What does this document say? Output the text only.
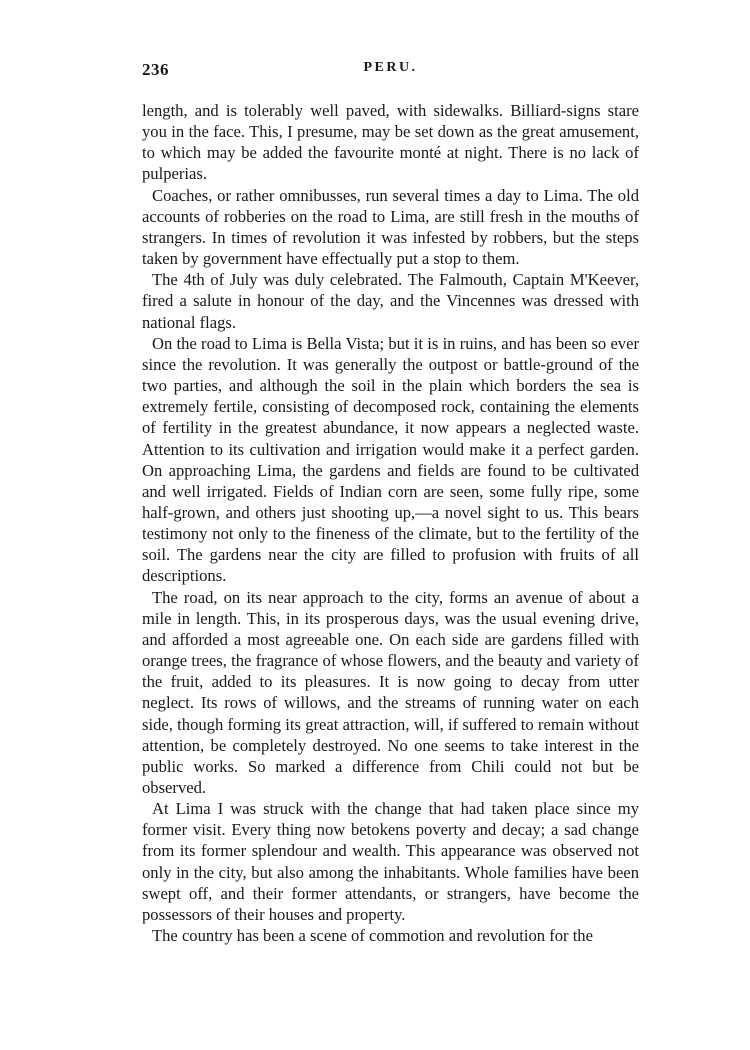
236	PERU.

length, and is tolerably well paved, with sidewalks. Billiard-signs stare you in the face. This, I presume, may be set down as the great amusement, to which may be added the favourite monté at night. There is no lack of pulperias.

Coaches, or rather omnibusses, run several times a day to Lima. The old accounts of robberies on the road to Lima, are still fresh in the mouths of strangers. In times of revolution it was infested by robbers, but the steps taken by government have effectually put a stop to them.

The 4th of July was duly celebrated. The Falmouth, Captain M'Keever, fired a salute in honour of the day, and the Vincennes was dressed with national flags.

On the road to Lima is Bella Vista; but it is in ruins, and has been so ever since the revolution. It was generally the outpost or battle-ground of the two parties, and although the soil in the plain which borders the sea is extremely fertile, consisting of decomposed rock, containing the elements of fertility in the greatest abundance, it now appears a neglected waste. Attention to its cultivation and irrigation would make it a perfect garden. On approaching Lima, the gardens and fields are found to be cultivated and well irrigated. Fields of Indian corn are seen, some fully ripe, some half-grown, and others just shooting up,—a novel sight to us. This bears testimony not only to the fineness of the climate, but to the fertility of the soil. The gardens near the city are filled to profusion with fruits of all descriptions.

The road, on its near approach to the city, forms an avenue of about a mile in length. This, in its prosperous days, was the usual evening drive, and afforded a most agreeable one. On each side are gardens filled with orange trees, the fragrance of whose flowers, and the beauty and variety of the fruit, added to its pleasures. It is now going to decay from utter neglect. Its rows of willows, and the streams of running water on each side, though forming its great attraction, will, if suffered to remain without attention, be completely destroyed. No one seems to take interest in the public works. So marked a difference from Chili could not but be observed.

At Lima I was struck with the change that had taken place since my former visit. Every thing now betokens poverty and decay; a sad change from its former splendour and wealth. This appearance was observed not only in the city, but also among the inhabitants. Whole families have been swept off, and their former attendants, or strangers, have become the possessors of their houses and property.

The country has been a scene of commotion and revolution for the
